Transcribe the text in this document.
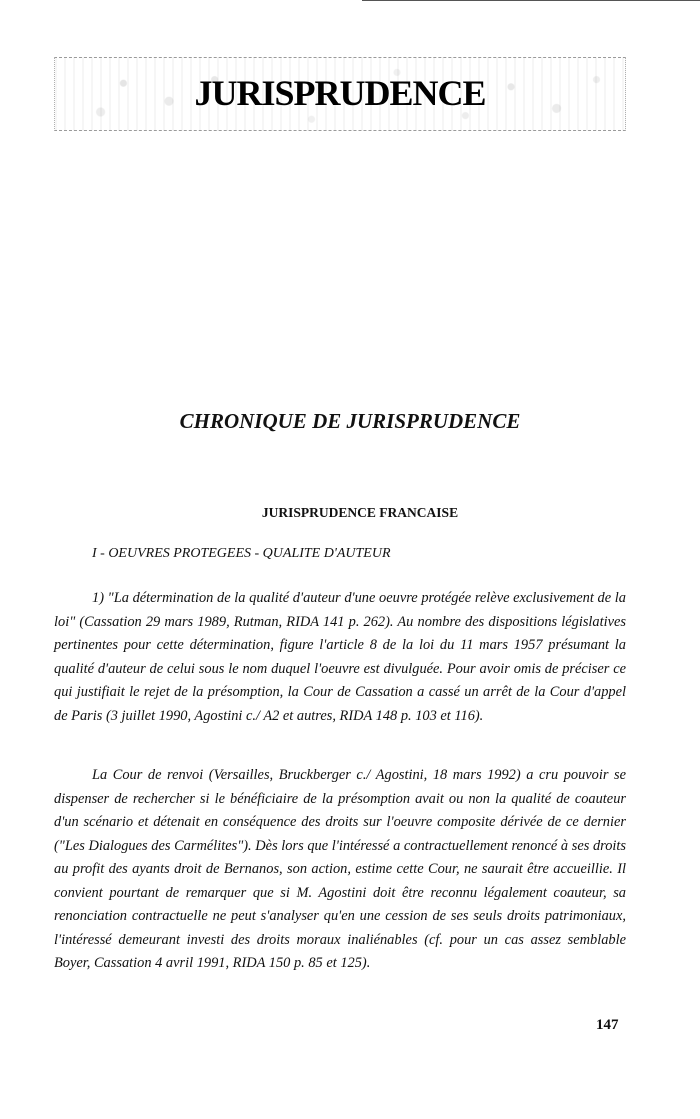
JURISPRUDENCE
CHRONIQUE DE JURISPRUDENCE
JURISPRUDENCE FRANCAISE
I - OEUVRES PROTEGEES - QUALITE D'AUTEUR

1) "La détermination de la qualité d'auteur d'une oeuvre protégée relève exclusivement de la loi" (Cassation 29 mars 1989, Rutman, RIDA 141 p. 262). Au nombre des dispositions législatives pertinentes pour cette détermination, figure l'article 8 de la loi du 11 mars 1957 présumant la qualité d'auteur de celui sous le nom duquel l'oeuvre est divulguée. Pour avoir omis de préciser ce qui justifiait le rejet de la présomption, la Cour de Cassation a cassé un arrêt de la Cour d'appel de Paris (3 juillet 1990, Agostini c./ A2 et autres, RIDA 148 p. 103 et 116).

La Cour de renvoi (Versailles, Bruckberger c./ Agostini, 18 mars 1992) a cru pouvoir se dispenser de rechercher si le bénéficiaire de la présomption avait ou non la qualité de coauteur d'un scénario et détenait en conséquence des droits sur l'oeuvre composite dérivée de ce dernier ("Les Dialogues des Carmélites"). Dès lors que l'intéressé a contractuellement renoncé à ses droits au profit des ayants droit de Bernanos, son action, estime cette Cour, ne saurait être accueillie. Il convient pourtant de remarquer que si M. Agostini doit être reconnu légalement coauteur, sa renonciation contractuelle ne peut s'analyser qu'en une cession de ses seuls droits patrimoniaux, l'intéressé demeurant investi des droits moraux inaliénables (cf. pour un cas assez semblable Boyer, Cassation 4 avril 1991, RIDA 150 p. 85 et 125).

147
